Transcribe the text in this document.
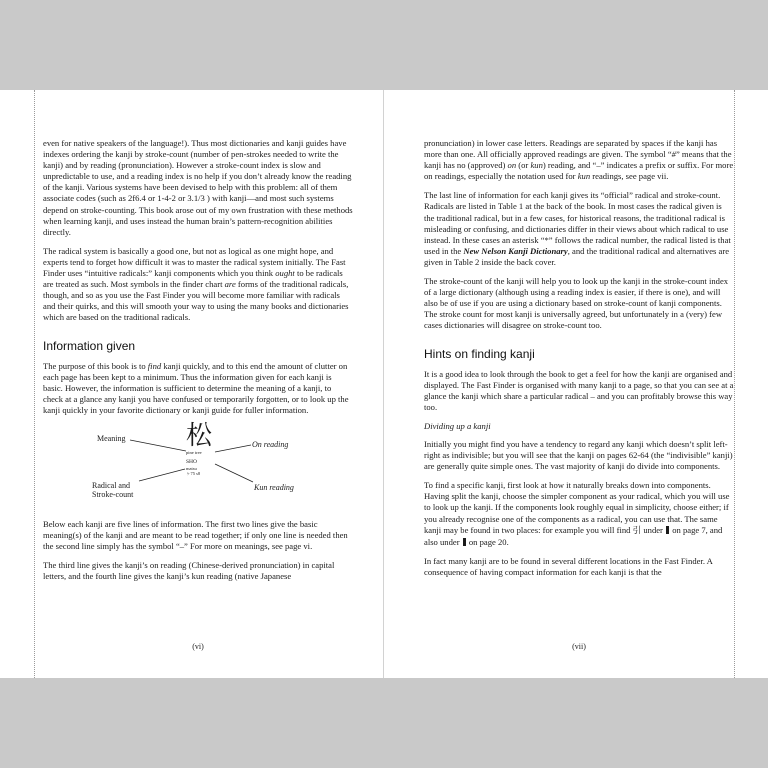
even for native speakers of the language!). Thus most dictionaries and kanji guides have indexes ordering the kanji by stroke-count (number of pen-strokes needed to write the kanji) and by reading (pronunciation). However a stroke-count index is slow and unpredictable to use, and a reading index is no help if you don’t already know the reading of the kanji. Various systems have been devised to help with this problem: all of them associate codes (such as 2f6.4 or 1-4-2 or 3.1/3 ) with kanji—and most such systems depend on stroke-counting. This book arose out of my own frustration with these methods when learning kanji, and uses instead the human brain’s pattern-recognition abilities directly.

The radical system is basically a good one, but not as logical as one might hope, and experts tend to forget how difficult it was to master the radical system initially. The Fast Finder uses “intuitive radicals:” kanji components which you think ought to be radicals are treated as such. Most symbols in the finder chart are forms of the traditional radicals, though, and so as you use the Fast Finder you will become more familiar with radicals and their quirks, and this will smooth your way to using the many books and dictionaries which are based on the traditional radicals.

Information given

The purpose of this book is to find kanji quickly, and to this end the amount of clutter on each page has been kept to a minimum. Thus the information given for each kanji is basic. However, the information is sufficient to determine the meaning of a kanji, to check at a glance any kanji you have confused or temporarily forgotten, or to look up the kanji quickly in your favorite dictionary or kanji guide for fuller information.

Meaning
On reading
Kun reading
Radical and
Stroke-count
松
pine tree
SHO
matsu
ヶ75 s8

Below each kanji are five lines of information. The first two lines give the basic meaning(s) of the kanji and are meant to be read together; if only one line is needed then the second line simply has the symbol “–” For more on meanings, see page vi.

The third line gives the kanji’s on reading (Chinese-derived pronunciation) in capital letters, and the fourth line gives the kanji’s kun reading (native Japanese

(vi)

pronunciation) in lower case letters. Readings are separated by spaces if the kanji has more than one. All officially approved readings are given. The symbol “#” means that the kanji has no (approved) on (or kun) reading, and “–” indicates a prefix or suffix. For more on readings, especially the notation used for kun readings, see page vii.

The last line of information for each kanji gives its “official” radical and stroke-count. Radicals are listed in Table 1 at the back of the book. In most cases the radical given is the traditional radical, but in a few cases, for historical reasons, the traditional radical is misleading or confusing, and dictionaries differ in their views about which radical to use instead. In these cases an asterisk “*” follows the radical number, the radical listed is that used in the New Nelson Kanji Dictionary, and the traditional radical and alternatives are given in Table 2 inside the back cover.

The stroke-count of the kanji will help you to look up the kanji in the stroke-count index of a large dictionary (although using a reading index is easier, if there is one), and will also be of use if you are using a dictionary based on stroke-count of kanji components. The stroke count for most kanji is universally agreed, but unfortunately in a (very) few cases dictionaries will disagree on stroke-count too.

Hints on finding kanji

It is a good idea to look through the book to get a feel for how the kanji are organised and displayed. The Fast Finder is organised with many kanji to a page, so that you can see at a glance the kanji which share a particular radical – and you can profitably browse this way too.

Dividing up a kanji

Initially you might find you have a tendency to regard any kanji which doesn’t split left-right as indivisible; but you will see that the kanji on pages 62-64 (the “indivisible” kanji) are generally quite simple ones. The vast majority of kanji do divide into components.

To find a specific kanji, first look at how it naturally breaks down into components. Having split the kanji, choose the simpler component as your radical, which you will use to look up the kanji. If the components look roughly equal in simplicity, choose either; if you already recognise one of the components as a radical, you can use that. The same kanji may be found in two places: for example you will find 引 under  on page 7, and also under  on page 20.

In fact many kanji are to be found in several different locations in the Fast Finder. A consequence of having compact information for each kanji is that the

(vii)
